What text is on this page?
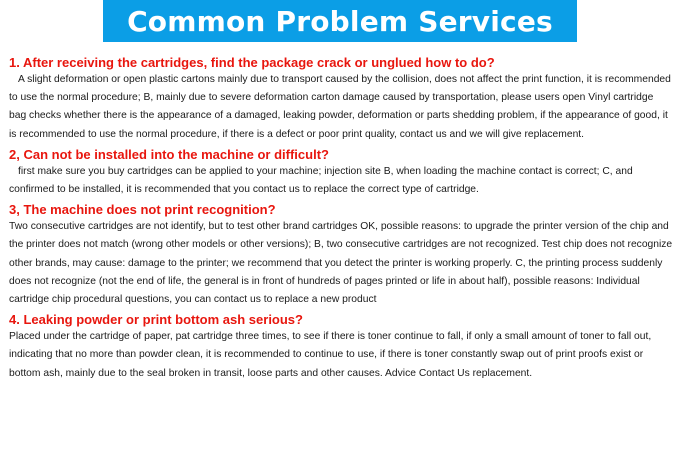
Common Problem Services

1. After receiving the cartridges, find the package crack or unglued how to do?

A slight deformation or open plastic cartons mainly due to transport caused by the collision, does not affect the print function, it is recommended to use the normal procedure; B, mainly due to severe deformation carton damage caused by transportation, please users open Vinyl cartridge bag checks whether there is the appearance of a damaged, leaking powder, deformation or parts shedding problem, if the appearance of good, it is recommended to use the normal procedure, if there is a defect or poor print quality, contact us and we will give replacement.

2, Can not be installed into the machine or difficult?

first make sure you buy cartridges can be applied to your machine; injection site B, when loading the machine contact is correct; C, and confirmed to be installed, it is recommended that you contact us to replace the correct type of cartridge.

3, The machine does not print recognition?

Two consecutive cartridges are not identify, but to test other brand cartridges OK, possible reasons: to upgrade the printer version of the chip and the printer does not match (wrong other models or other versions); B, two consecutive cartridges are not recognized. Test chip does not recognize other brands, may cause: damage to the printer; we recommend that you detect the printer is working properly. C, the printing process suddenly does not recognize (not the end of life, the general is in front of hundreds of pages printed or life in about half), possible reasons: Individual cartridge chip procedural questions, you can contact us to replace a new product

4. Leaking powder or print bottom ash serious?

Placed under the cartridge of paper, pat cartridge three times, to see if there is toner continue to fall, if only a small amount of toner to fall out, indicating that no more than powder clean, it is recommended to continue to use, if there is toner constantly swap out of print proofs exist or bottom ash, mainly due to the seal broken in transit, loose parts and other causes. Advice Contact Us replacement.
